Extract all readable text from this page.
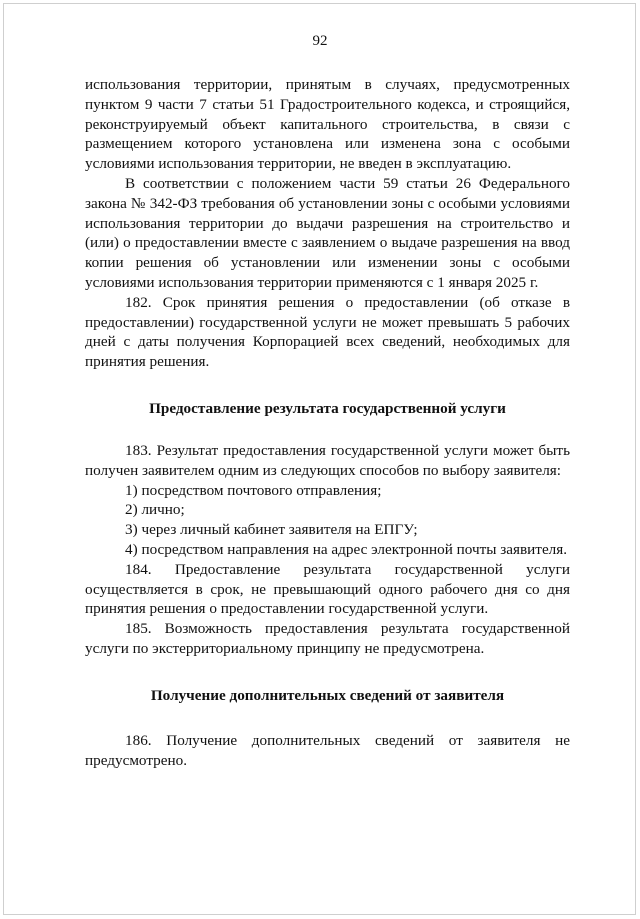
92

использования территории, принятым в случаях, предусмотренных пунктом 9 части 7 статьи 51 Градостроительного кодекса, и строящийся, реконструируемый объект капитального строительства, в связи с размещением которого установлена или изменена зона с особыми условиями использования территории, не введен в эксплуатацию.

В соответствии с положением части 59 статьи 26 Федерального закона № 342-ФЗ требования об установлении зоны с особыми условиями использования территории до выдачи разрешения на строительство и (или) о предоставлении вместе с заявлением о выдаче разрешения на ввод копии решения об установлении или изменении зоны с особыми условиями использования территории применяются с 1 января 2025 г.

182. Срок принятия решения о предоставлении (об отказе в предоставлении) государственной услуги не может превышать 5 рабочих дней с даты получения Корпорацией всех сведений, необходимых для принятия решения.

Предоставление результата государственной услуги

183. Результат предоставления государственной услуги может быть получен заявителем одним из следующих способов по выбору заявителя:

1) посредством почтового отправления;

2) лично;

3) через личный кабинет заявителя на ЕПГУ;

4) посредством направления на адрес электронной почты заявителя.

184. Предоставление результата государственной услуги осуществляется в срок, не превышающий одного рабочего дня со дня принятия решения о предоставлении государственной услуги.

185. Возможность предоставления результата государственной услуги по экстерриториальному принципу не предусмотрена.

Получение дополнительных сведений от заявителя

186. Получение дополнительных сведений от заявителя не предусмотрено.
